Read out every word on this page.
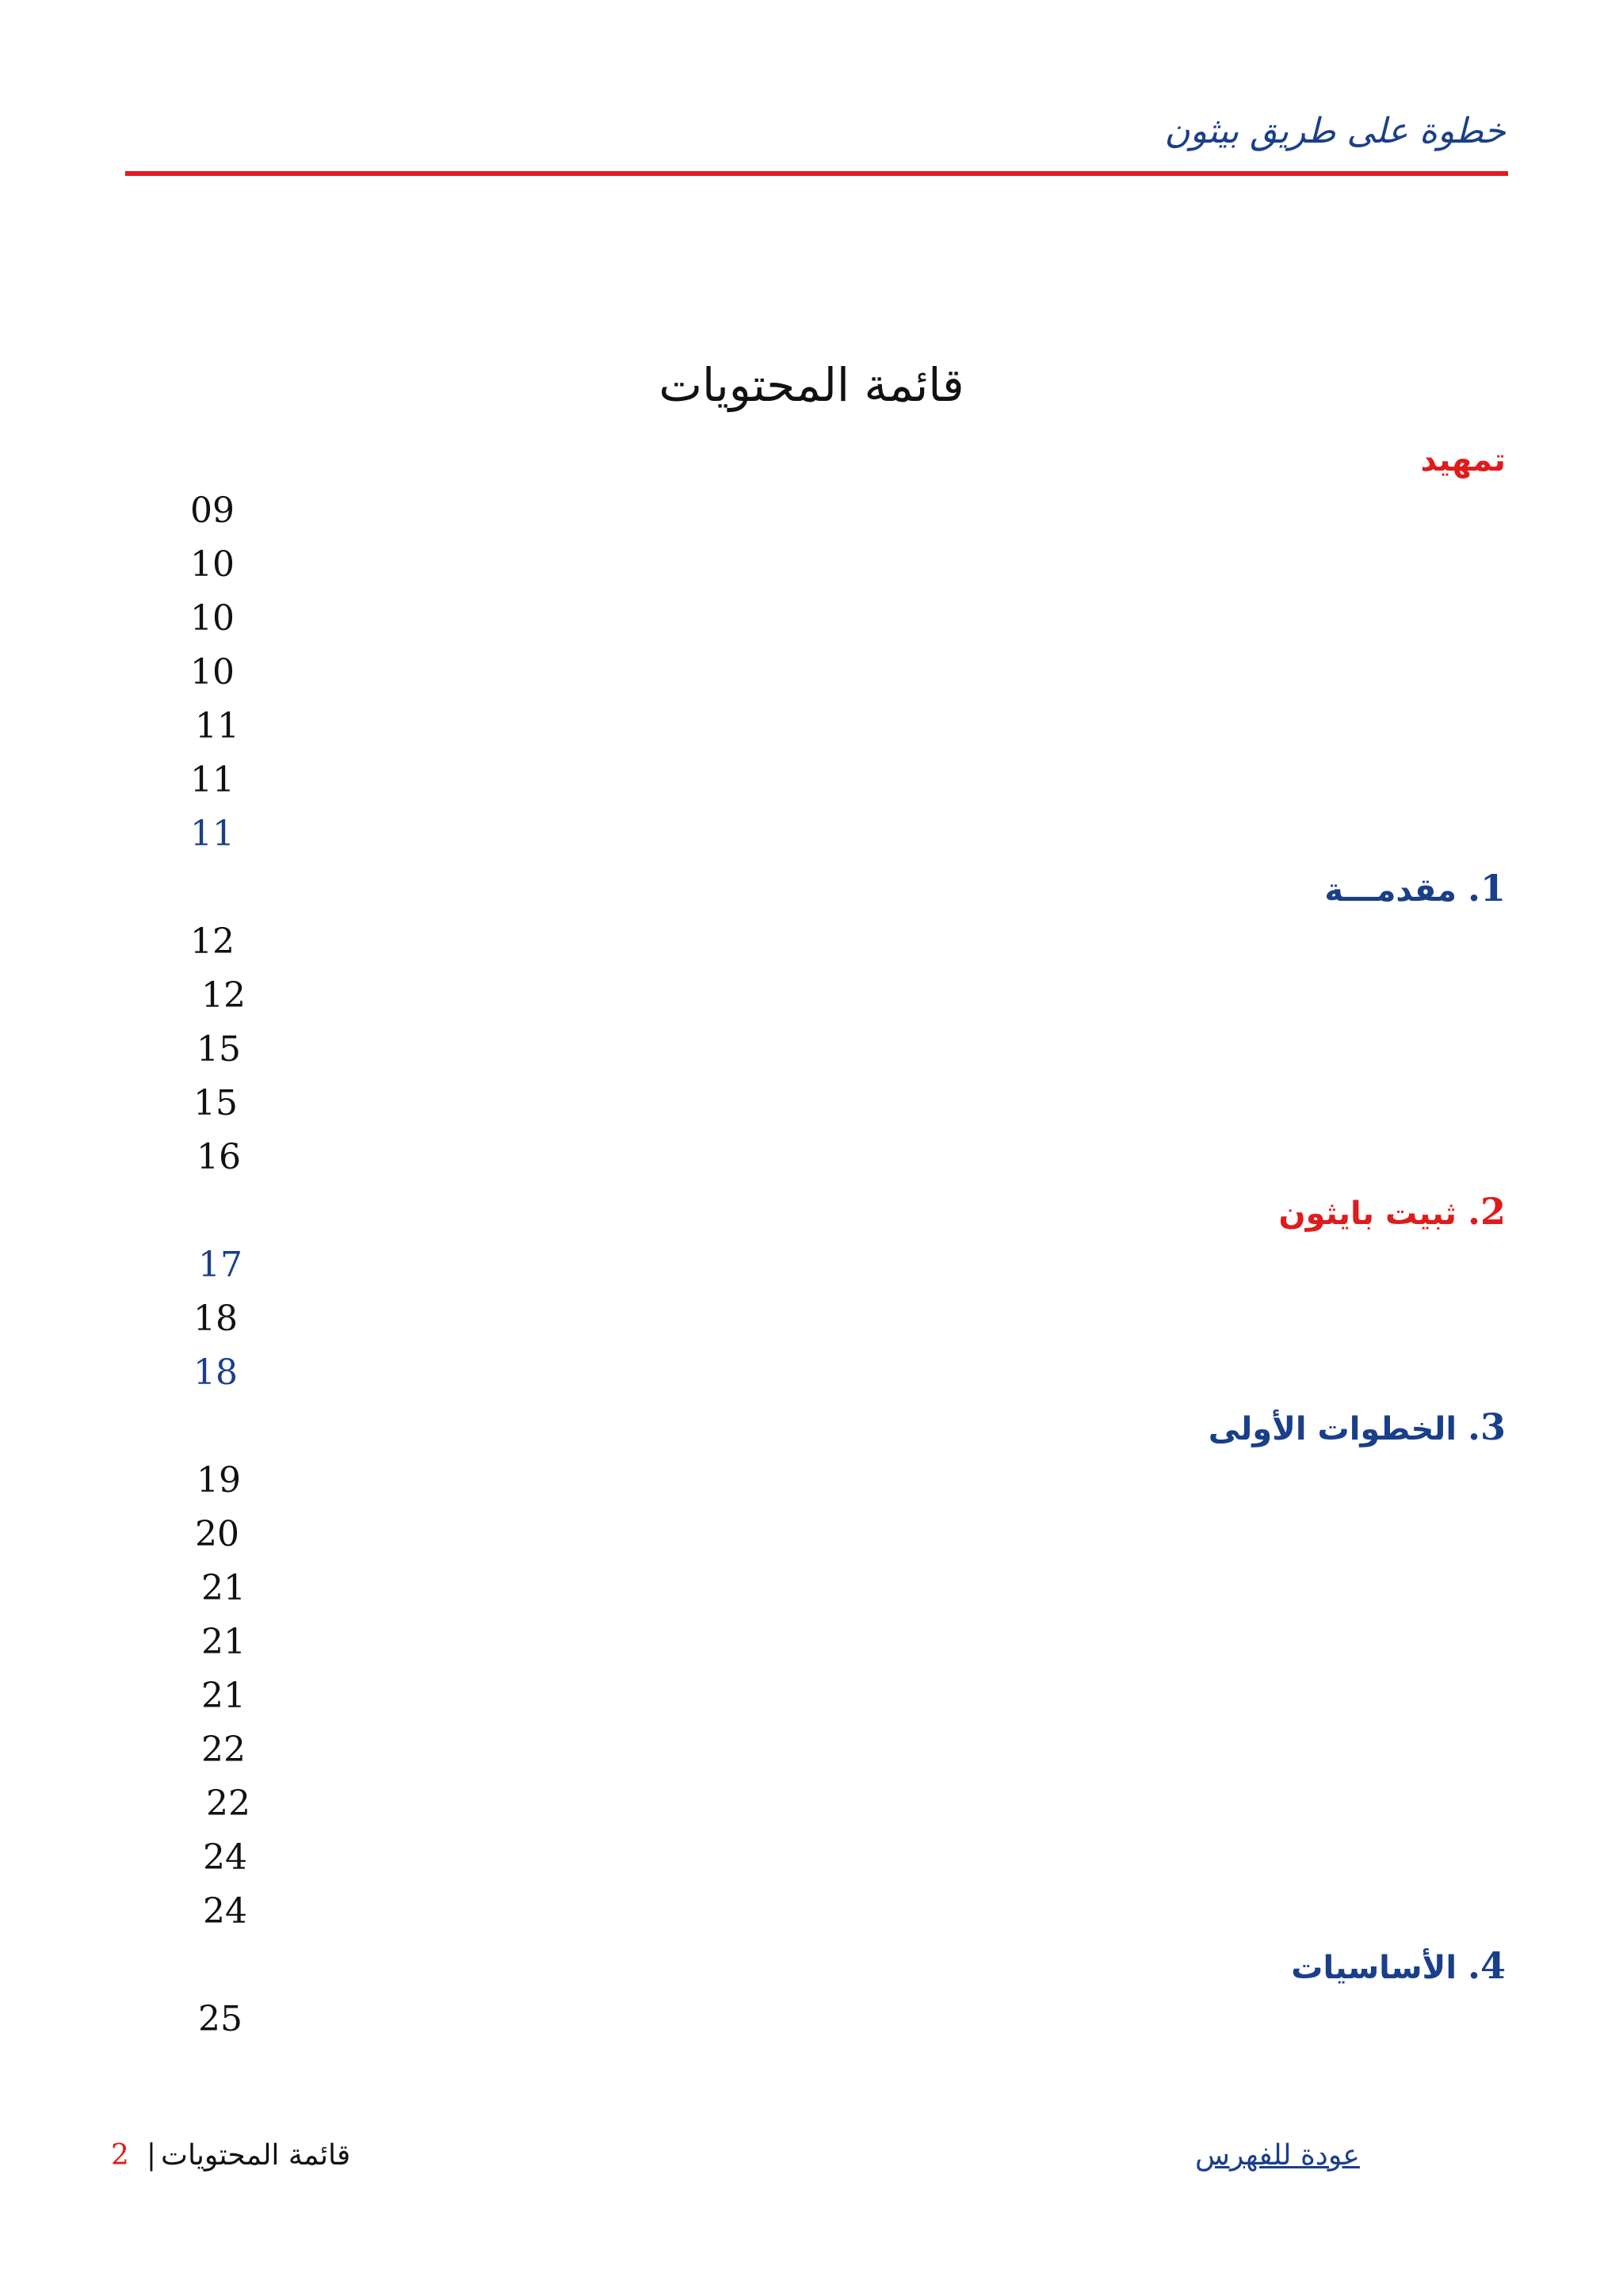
خطوة على طريق بيثون
قائمة المحتويات
تمهيد
09
10
10
10
11
11
11
1. مقدمـــة
12
12
15
15
16
2. ثبيت بايثون
17
18
18
3. الخطوات الأولى
19
20
21
21
21
22
22
24
24
4. الأساسيات
25
2 | قائمة المحتويات	عودة للفهرس
